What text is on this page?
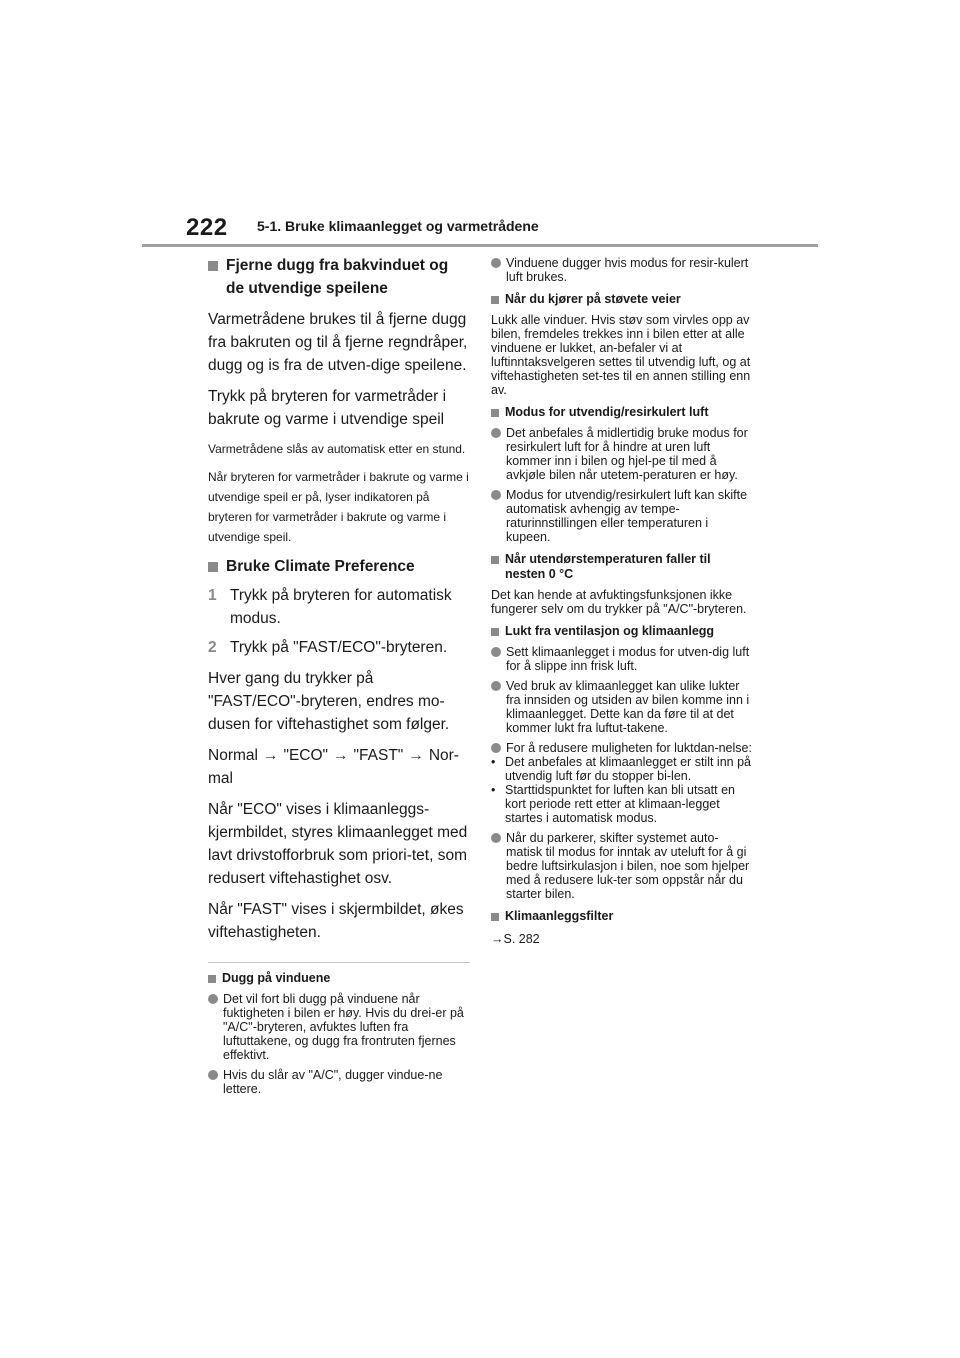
222 5-1. Bruke klimaanlegget og varmetrådene
Fjerne dugg fra bakvinduet og de utvendige speilene

Varmetrådene brukes til å fjerne dugg fra bakruten og til å fjerne regndråper, dugg og is fra de utven-dige speilene.

Trykk på bryteren for varmetråder i bakrute og varme i utvendige speil

Varmetrådene slås av automatisk etter en stund.

Når bryteren for varmetråder i bakrute og varme i utvendige speil er på, lyser indikatoren på bryteren for varmetråder i bakrute og varme i utvendige speil.

Bruke Climate Preference
1 Trykk på bryteren for automatisk modus.
2 Trykk på "FAST/ECO"-bryteren.

Hver gang du trykker på "FAST/ECO"-bryteren, endres mo-dusen for viftehastighet som følger.

Normal → "ECO" → "FAST" → Nor-mal

Når "ECO" vises i klimaanleggs-kjermbildet, styres klimaanlegget med lavt drivstofforbruk som priori-tet, som redusert viftehastighet osv.

Når "FAST" vises i skjermbildet, økes viftehastigheten.

Dugg på vinduene
Det vil fort bli dugg på vinduene når fuktigheten i bilen er høy. Hvis du drei-er på "A/C"-bryteren, avfuktes luften fra luftuttakene, og dugg fra frontruten fjernes effektivt.
Hvis du slår av "A/C", dugger vindue-ne lettere.
Vinduene dugger hvis modus for resir-kulert luft brukes.
Når du kjører på støvete veier

Lukk alle vinduer. Hvis støv som virvles opp av bilen, fremdeles trekkes inn i bilen etter at alle vinduene er lukket, an-befaler vi at luftinntaksvelgeren settes til utvendig luft, og at viftehastigheten set-tes til en annen stilling enn av.

Modus for utvendig/resirkulert luft
Det anbefales å midlertidig bruke modus for resirkulert luft for å hindre at uren luft kommer inn i bilen og hjel-pe til med å avkjøle bilen når utetem-peraturen er høy.
Modus for utvendig/resirkulert luft kan skifte automatisk avhengig av tempe-raturinnstillingen eller temperaturen i kupeen.
Når utendørstemperaturen faller til nesten 0 °C

Det kan hende at avfuktingsfunksjonen ikke fungerer selv om du trykker på "A/C"-bryteren.

Lukt fra ventilasjon og klimaanlegg
Sett klimaanlegget i modus for utven-dig luft for å slippe inn frisk luft.
Ved bruk av klimaanlegget kan ulike lukter fra innsiden og utsiden av bilen komme inn i klimaanlegget. Dette kan da føre til at det kommer lukt fra luftut-takene.
For å redusere muligheten for luktdan-nelse:
• Det anbefales at klimaanlegget er stilt inn på utvendig luft før du stopper bi-len.
• Starttidspunktet for luften kan bli utsatt en kort periode rett etter at klimaan-legget startes i automatisk modus.
Når du parkerer, skifter systemet auto-matisk til modus for inntak av uteluft for å gi bedre luftsirkulasjon i bilen, noe som hjelper med å redusere luk-ter som oppstår når du starter bilen.
Klimaanleggsfilter

→S. 282
